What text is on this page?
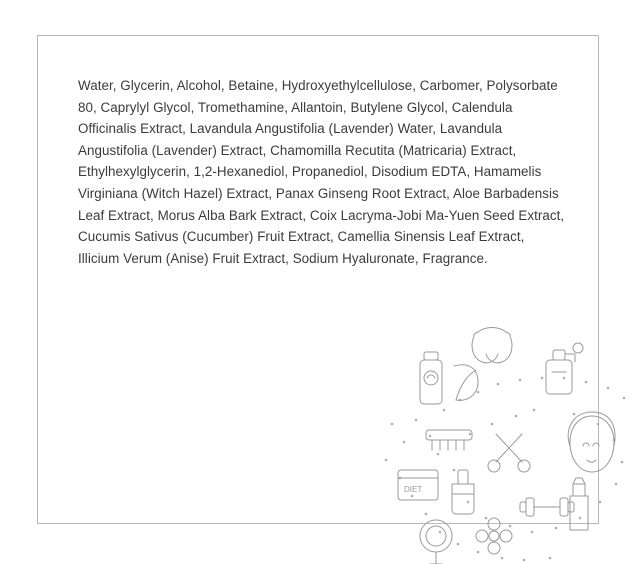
Water, Glycerin, Alcohol, Betaine, Hydroxyethylcellulose, Carbomer, Polysorbate 80, Caprylyl Glycol, Tromethamine, Allantoin, Butylene Glycol, Calendula Officinalis Extract, Lavandula Angustifolia (Lavender) Water, Lavandula Angustifolia (Lavender) Extract, Chamomilla Recutita (Matricaria) Extract, Ethylhexylglycerin, 1,2-Hexanediol, Propanediol, Disodium EDTA, Hamamelis Virginiana (Witch Hazel) Extract, Panax Ginseng Root Extract, Aloe Barbadensis Leaf Extract, Morus Alba Bark Extract, Coix Lacryma-Jobi Ma-Yuen Seed Extract, Cucumis Sativus (Cucumber) Fruit Extract, Camellia Sinensis Leaf Extract, Illicium Verum (Anise) Fruit Extract, Sodium Hyaluronate, Fragrance.
DIET
